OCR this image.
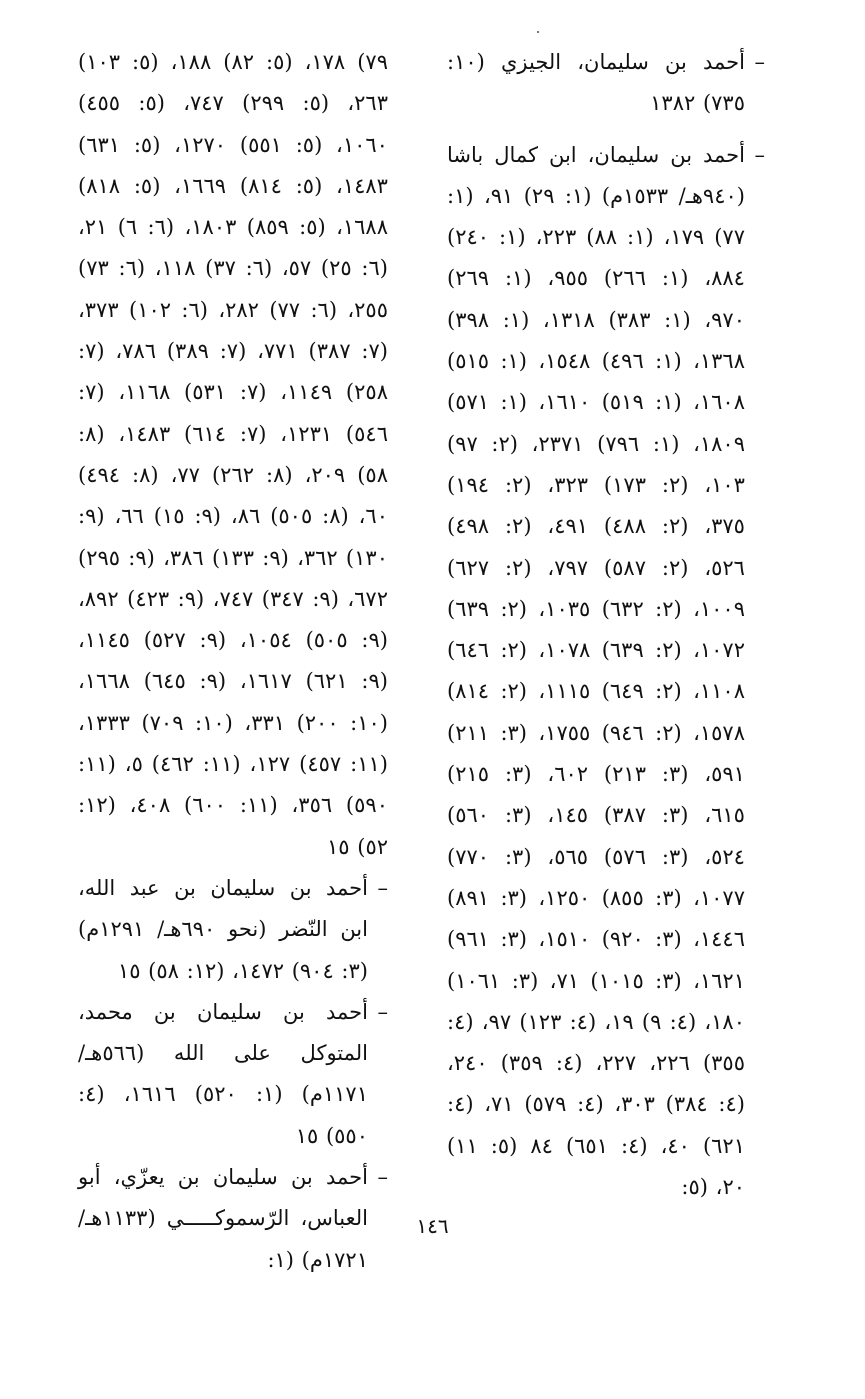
– أحمد بن سليمان، الجيزي (١٠: ٧٣٥) ١٣٨٢

– أحمد بن سليمان، ابن كمال باشا (٩٤٠هـ/ ١٥٣٣م) (١: ٢٩) ٩١، (١: ٧٧) ١٧٩، (١: ٨٨) ٢٢٣، (١: ٢٤٠) ٨٨٤، (١: ٢٦٦) ٩٥٥، (١: ٢٦٩) ٩٧٠، (١: ٣٨٣) ١٣١٨، (١: ٣٩٨) ١٣٦٨، (١: ٤٩٦) ١٥٤٨، (١: ٥١٥) ١٦٠٨، (١: ٥١٩) ١٦١٠، (١: ٥٧١) ١٨٠٩، (١: ٧٩٦) ٢٣٧١، (٢: ٩٧) ١٠٣، (٢: ١٧٣) ٣٢٣، (٢: ١٩٤) ٣٧٥، (٢: ٤٨٨) ٤٩١، (٢: ٤٩٨) ٥٢٦، (٢: ٥٨٧) ٧٩٧، (٢: ٦٢٧) ١٠٠٩، (٢: ٦٣٢) ١٠٣٥، (٢: ٦٣٩) ١٠٧٢، (٢: ٦٣٩) ١٠٧٨، (٢: ٦٤٦) ١١٠٨، (٢: ٦٤٩) ١١١٥، (٢: ٨١٤) ١٥٧٨، (٢: ٩٤٦) ١٧٥٥، (٣: ٢١١) ٥٩١، (٣: ٢١٣) ٦٠٢، (٣: ٢١٥) ٦١٥، (٣: ٣٨٧) ١٤٥، (٣: ٥٦٠) ٥٢٤، (٣: ٥٧٦) ٥٦٥، (٣: ٧٧٠) ١٠٧٧، (٣: ٨٥٥) ١٢٥٠، (٣: ٨٩١) ١٤٤٦، (٣: ٩٢٠) ١٥١٠، (٣: ٩٦١) ١٦٢١، (٣: ١٠١٥) ٧١، (٣: ١٠٦١) ١٨٠، (٤: ٩) ١٩، (٤: ١٢٣) ٩٧، (٤: ٣٥٥) ٢٢٦، ٢٢٧، (٤: ٣٥٩) ٢٤٠، (٤: ٣٨٤) ٣٠٣، (٤: ٥٧٩) ٧١، (٤: ٦٢١) ٤٠، (٤: ٦٥١) ٨٤ (٥: ١١) ٢٠، (٥:

٧٩) ١٧٨، (٥: ٨٢) ١٨٨، (٥: ١٠٣) ٢٦٣، (٥: ٢٩٩) ٧٤٧، (٥: ٤٥٥) ١٠٦٠، (٥: ٥٥١) ١٢٧٠، (٥: ٦٣١) ١٤٨٣، (٥: ٨١٤) ١٦٦٩، (٥: ٨١٨) ١٦٨٨، (٥: ٨٥٩) ١٨٠٣، (٦: ٦) ٢١، (٦: ٢٥) ٥٧، (٦: ٣٧) ١١٨، (٦: ٧٣) ٢٥٥، (٦: ٧٧) ٢٨٢، (٦: ١٠٢) ٣٧٣، (٧: ٣٨٧) ٧٧١، (٧: ٣٨٩) ٧٨٦، (٧: ٢٥٨) ١١٤٩، (٧: ٥٣١) ١١٦٨، (٧: ٥٤٦) ١٢٣١، (٧: ٦١٤) ١٤٨٣، (٨: ٥٨) ٢٠٩، (٨: ٢٦٢) ٧٧، (٨: ٤٩٤) ٦٠، (٨: ٥٠٥) ٨٦، (٩: ١٥) ٦٦، (٩: ١٣٠) ٣٦٢، (٩: ١٣٣) ٣٨٦، (٩: ٢٩٥) ٦٧٢، (٩: ٣٤٧) ٧٤٧، (٩: ٤٢٣) ٨٩٢، (٩: ٥٠٥) ١٠٥٤، (٩: ٥٢٧) ١١٤٥، (٩: ٦٢١) ١٦١٧، (٩: ٦٤٥) ١٦٦٨، (١٠: ٢٠٠) ٣٣١، (١٠: ٧٠٩) ١٣٣٣، (١١: ٤٥٧) ١٢٧، (١١: ٤٦٢) ٥، (١١: ٥٩٠) ٣٥٦، (١١: ٦٠٠) ٤٠٨، (١٢: ٥٢) ١٥

– أحمد بن سليمان بن عبد الله، ابن النّضر (نحو ٦٩٠هـ/ ١٢٩١م) (٣: ٩٠٤) ١٤٧٢، (١٢: ٥٨) ١٥

– أحمد بن سليمان بن محمد، المتوكل على الله (٥٦٦هـ/ ١١٧١م) (١: ٥٢٠) ١٦١٦، (٤: ٥٥٠) ١٥

– أحمد بن سليمان بن يعزّي، أبو العباس، الرّسموكـــــي (١١٣٣هـ/١٧٢١م) (١:

١٤٦
